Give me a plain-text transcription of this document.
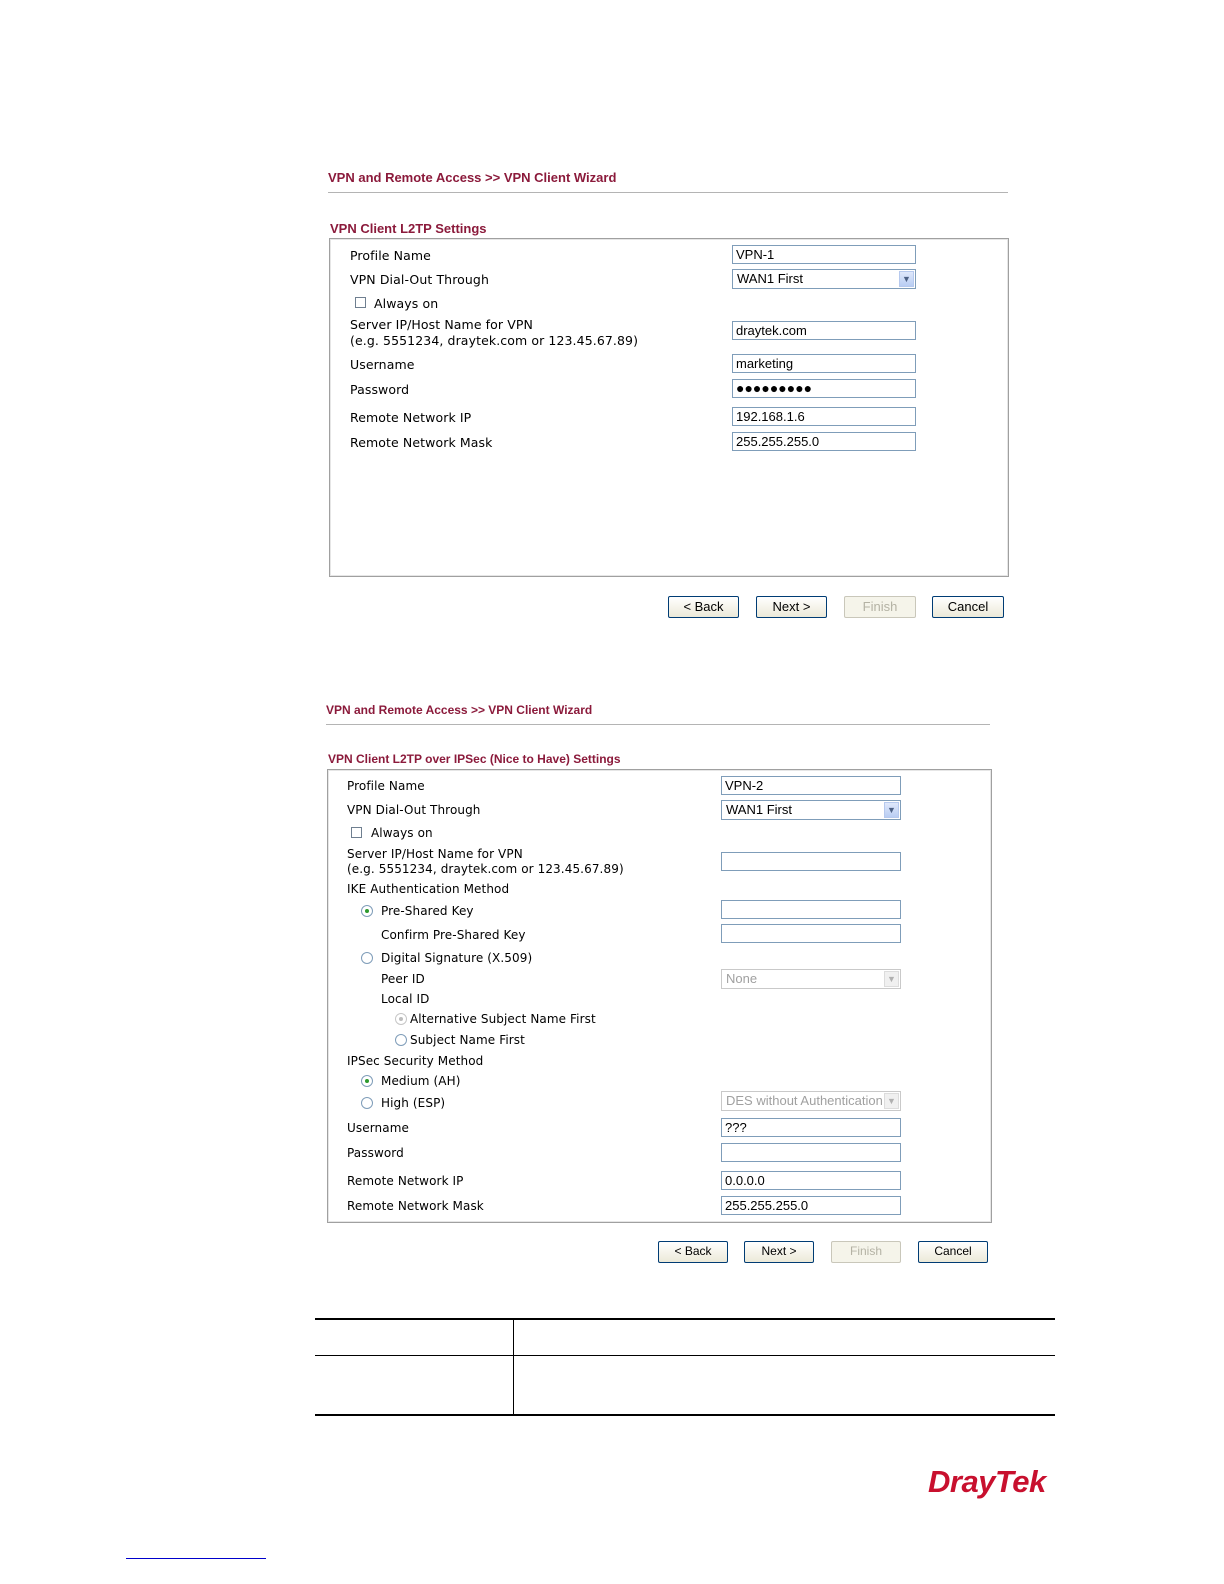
VPN and Remote Access >> VPN Client Wizard
VPN Client L2TP Settings
Profile Name	VPN-1
VPN Dial-Out Through	WAN1 First	▼
Always on
Server IP/Host Name for VPN
(e.g. 5551234, draytek.com or 123.45.67.89)
draytek.com
Username	marketing
Password	●●●●●●●●●
Remote Network IP	192.168.1.6
Remote Network Mask	255.255.255.0
< Back	Next >	Finish	Cancel
VPN and Remote Access >> VPN Client Wizard
VPN Client L2TP over IPSec (Nice to Have) Settings
Profile Name	VPN-2
VPN Dial-Out Through	WAN1 First	▼
Always on
Server IP/Host Name for VPN
(e.g. 5551234, draytek.com or 123.45.67.89)
IKE Authentication Method
Pre-Shared Key
Confirm Pre-Shared Key
Digital Signature (X.509)
Peer ID	None	▼
Local ID
Alternative Subject Name First
Subject Name First
IPSec Security Method
Medium (AH)
High (ESP)	DES without Authentication ▼
Username	???
Password
Remote Network IP	0.0.0.0
Remote Network Mask	255.255.255.0
< Back	Next >	Finish	Cancel
DrayTek
